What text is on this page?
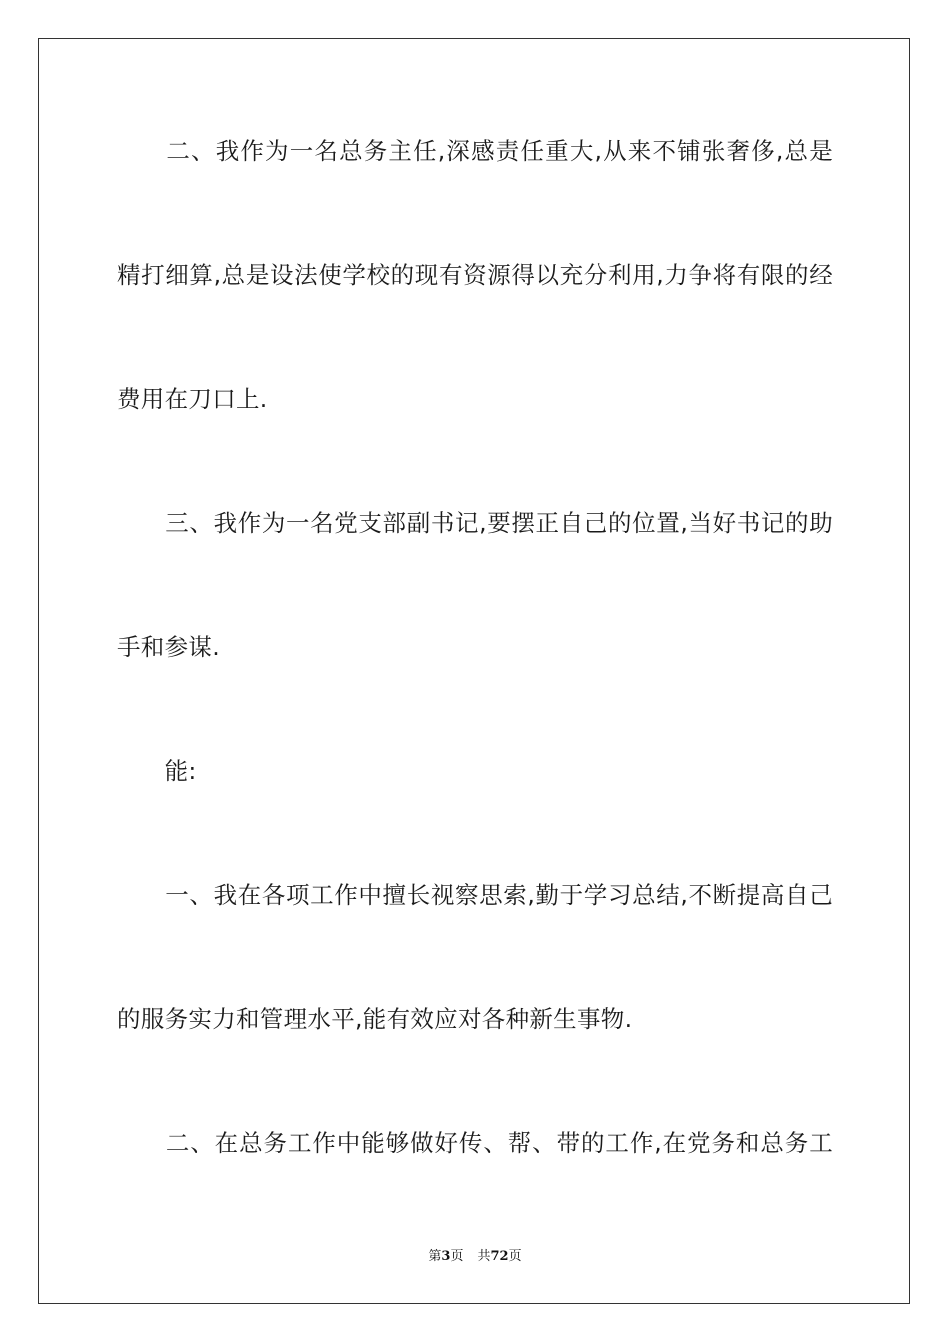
　　二、我作为一名总务主任,深感责任重大,从来不铺张奢侈,总是
精打细算,总是设法使学校的现有资源得以充分利用,力争将有限的经
费用在刀口上.
　　三、我作为一名党支部副书记,要摆正自己的位置,当好书记的助
手和参谋.
　　能:
　　一、我在各项工作中擅长视察思索,勤于学习总结,不断提高自己
的服务实力和管理水平,能有效应对各种新生事物.
　　二、在总务工作中能够做好传、帮、带的工作,在党务和总务工
第3页 共72页
